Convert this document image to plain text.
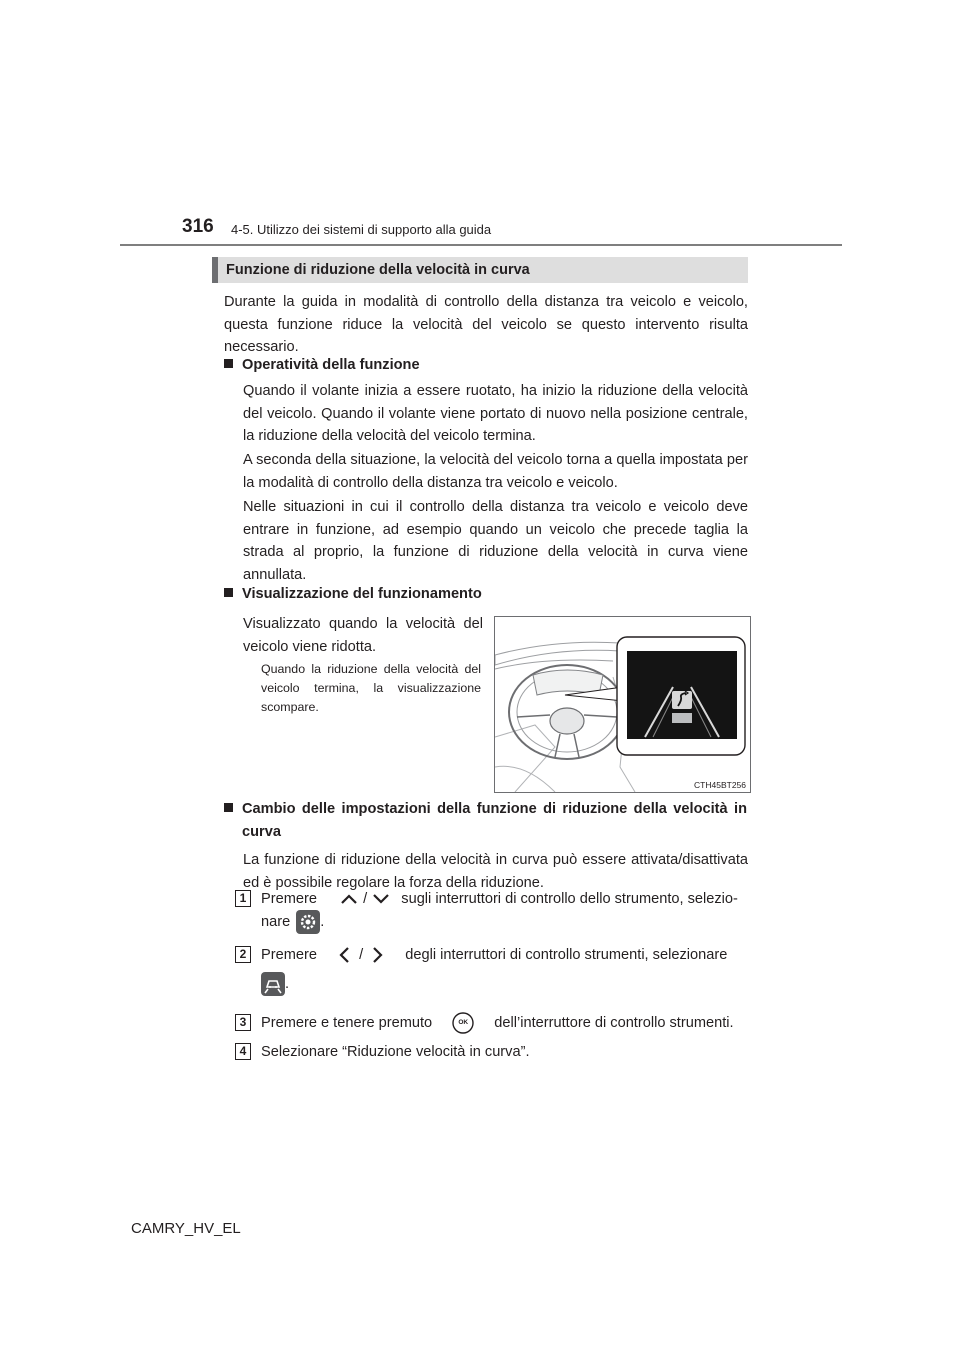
316 4-5. Utilizzo dei sistemi di supporto alla guida
Funzione di riduzione della velocità in curva
Durante la guida in modalità di controllo della distanza tra veicolo e veicolo, questa funzione riduce la velocità del veicolo se questo intervento risulta necessario.
Operatività della funzione
Quando il volante inizia a essere ruotato, ha inizio la riduzione della velocità del veicolo. Quando il volante viene portato di nuovo nella posizione centrale, la riduzione della velocità del veicolo termina.
A seconda della situazione, la velocità del veicolo torna a quella impostata per la modalità di controllo della distanza tra veicolo e veicolo.
Nelle situazioni in cui il controllo della distanza tra veicolo e veicolo deve entrare in funzione, ad esempio quando un veicolo che precede taglia la strada al proprio, la funzione di riduzione della velocità in curva viene annullata.
Visualizzazione del funzionamento
Visualizzato quando la velocità del veicolo viene ridotta.
Quando la riduzione della velocità del veicolo termina, la visualizzazione scompare.
CTH45BT256
Cambio delle impostazioni della funzione di riduzione della velocità in curva
La funzione di riduzione della velocità in curva può essere attivata/disattivata ed è possibile regolare la forza della riduzione.
1	Premere	/ sugli interruttori di controllo dello strumento, selezio-
nare .
2	Premere	/	degli interruttori di controllo strumenti, selezionare
.
3	Premere e tenere premuto	OK	dell’interruttore di controllo strumenti.
4	Selezionare “Riduzione velocità in curva”.
CAMRY_HV_EL
